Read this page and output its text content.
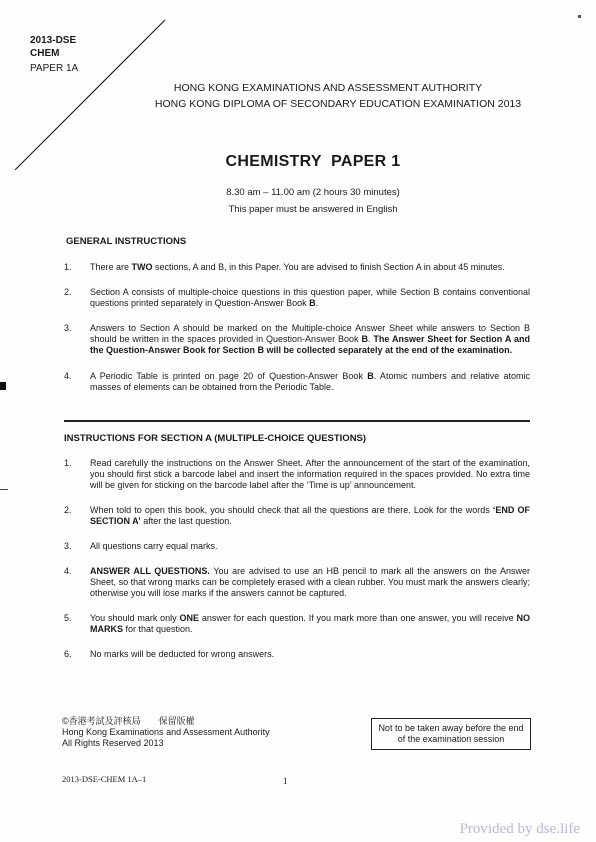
2013-DSE
CHEM
PAPER 1A
HONG KONG EXAMINATIONS AND ASSESSMENT AUTHORITY
HONG KONG DIPLOMA OF SECONDARY EDUCATION EXAMINATION 2013
CHEMISTRY  PAPER 1
8.30 am – 11.00 am (2 hours 30 minutes)
This paper must be answered in English
GENERAL INSTRUCTIONS
1. There are TWO sections, A and B, in this Paper. You are advised to finish Section A in about 45 minutes.
2. Section A consists of multiple-choice questions in this question paper, while Section B contains conventional questions printed separately in Question-Answer Book B.
3. Answers to Section A should be marked on the Multiple-choice Answer Sheet while answers to Section B should be written in the spaces provided in Question-Answer Book B. The Answer Sheet for Section A and the Question-Answer Book for Section B will be collected separately at the end of the examination.
4. A Periodic Table is printed on page 20 of Question-Answer Book B. Atomic numbers and relative atomic masses of elements can be obtained from the Periodic Table.
INSTRUCTIONS FOR SECTION A (MULTIPLE-CHOICE QUESTIONS)
1. Read carefully the instructions on the Answer Sheet. After the announcement of the start of the examination, you should first stick a barcode label and insert the information required in the spaces provided. No extra time will be given for sticking on the barcode label after the ‘Time is up’ announcement.
2. When told to open this book, you should check that all the questions are there. Look for the words ‘END OF SECTION A’ after the last question.
3. All questions carry equal marks.
4. ANSWER ALL QUESTIONS. You are advised to use an HB pencil to mark all the answers on the Answer Sheet, so that wrong marks can be completely erased with a clean rubber. You must mark the answers clearly; otherwise you will lose marks if the answers cannot be captured.
5. You should mark only ONE answer for each question. If you mark more than one answer, you will receive NO MARKS for that question.
6. No marks will be deducted for wrong answers.
©香港考試及評核局　　保留版權
Hong Kong Examinations and Assessment Authority
All Rights Reserved 2013
Not to be taken away before the end of the examination session
2013-DSE-CHEM 1A–1	1
Provided by dse.life
